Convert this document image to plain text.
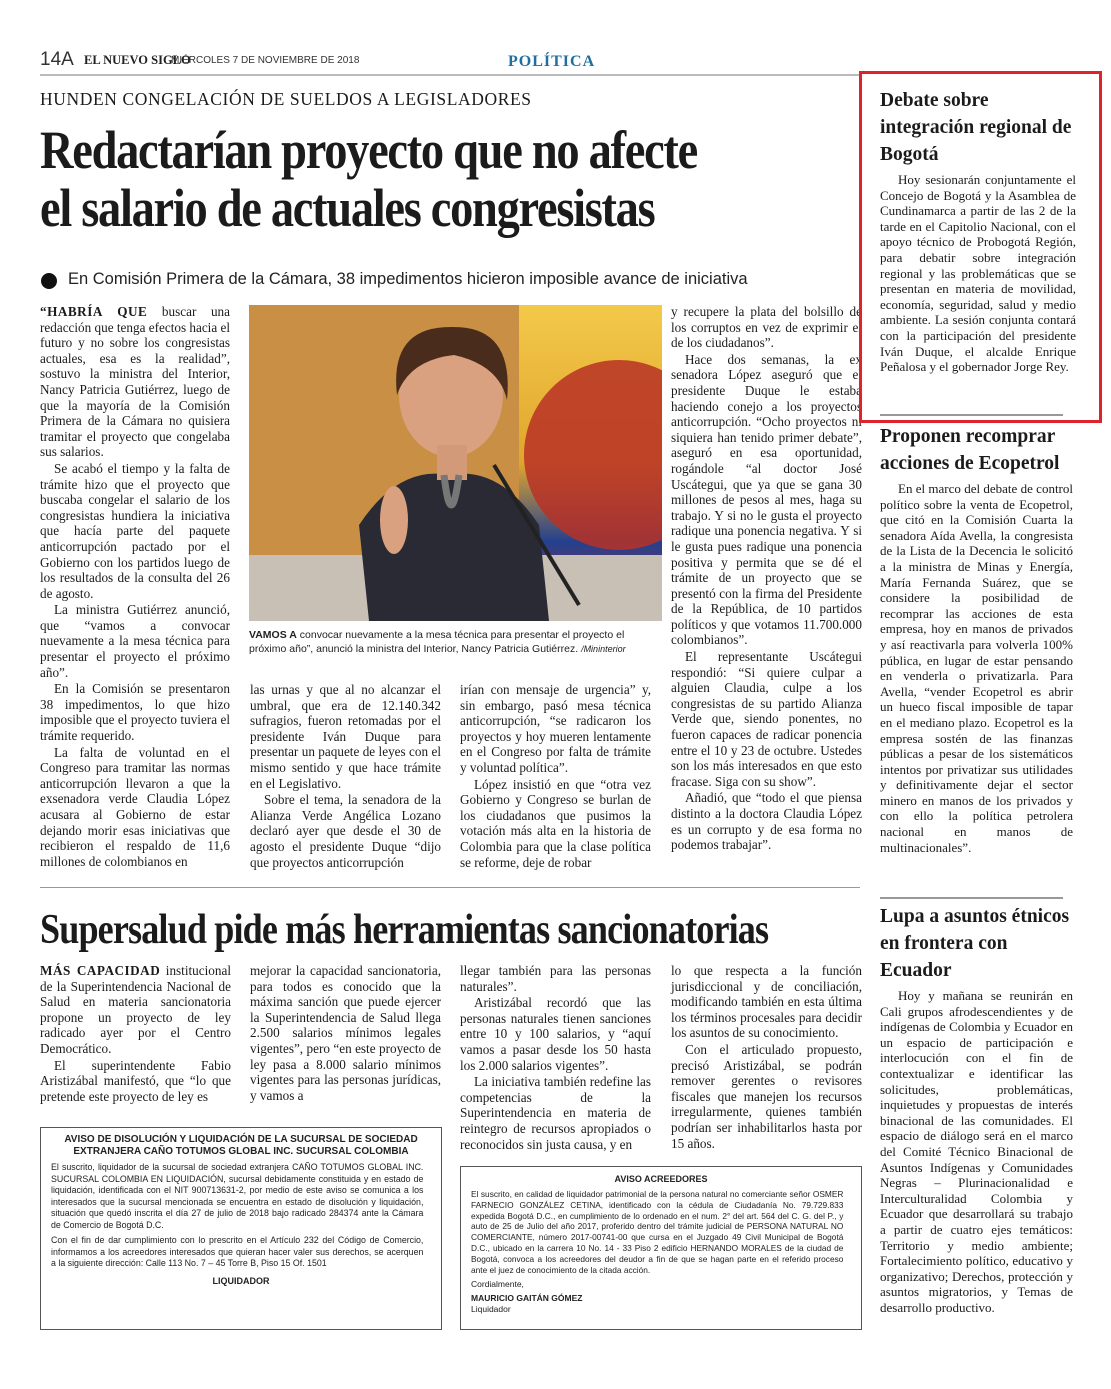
14A EL NUEVO SIGLO
MIÉRCOLES 7 DE NOVIEMBRE DE 2018	POLÍTICA
HUNDEN CONGELACIÓN DE SUELDOS A LEGISLADORES
Redactarían proyecto que no afecte
el salario de actuales congresistas
En Comisión Primera de la Cámara, 38 impedimentos hicieron imposible avance de iniciativa

“HABRÍA QUE buscar una redacción que tenga efectos hacia el futuro y no sobre los congresistas actuales, esa es la realidad”, sostuvo la ministra del Interior, Nancy Patricia Gutiérrez, luego de que la mayoría de la Comisión Primera de la Cámara no quisiera tramitar el proyecto que congelaba sus salarios.

Se acabó el tiempo y la falta de trámite hizo que el proyecto que buscaba congelar el salario de los congresistas hundiera la iniciativa que hacía parte del paquete anticorrupción pactado por el Gobierno con los partidos luego de los resultados de la consulta del 26 de agosto.

La ministra Gutiérrez anunció, que “vamos a convocar nuevamente a la mesa técnica para presentar el proyecto el próximo año”.

En la Comisión se presentaron 38 impedimentos, lo que hizo imposible que el proyecto tuviera el trámite requerido.

La falta de voluntad en el Congreso para tramitar las normas anticorrupción llevaron a que la exsenadora verde Claudia López acusara al Gobierno de estar dejando morir esas iniciativas que recibieron el respaldo de 11,6 millones de colombianos en

VAMOS A convocar nuevamente a la mesa técnica para presentar el proyecto el próximo año”, anunció la ministra del Interior, Nancy Patricia Gutiérrez. /Mininterior

las urnas y que al no alcanzar el umbral, que era de 12.140.342 sufragios, fueron retomadas por el presidente Iván Duque para presentar un paquete de leyes con el mismo sentido y que hace trámite en el Legislativo.

Sobre el tema, la senadora de la Alianza Verde Angélica Lozano declaró ayer que desde el 30 de agosto el presidente Duque “dijo que proyectos anticorrupción

irían con mensaje de urgencia” y, sin embargo, pasó mesa técnica anticorrupción, “se radicaron los proyectos y hoy mueren lentamente en el Congreso por falta de trámite y voluntad política”.

López insistió en que “otra vez Gobierno y Congreso se burlan de los ciudadanos que pusimos la votación más alta en la historia de Colombia para que la clase política se reforme, deje de robar

y recupere la plata del bolsillo de los corruptos en vez de exprimir el de los ciudadanos”.

Hace dos semanas, la ex senadora López aseguró que el presidente Duque le estaba haciendo conejo a los proyectos anticorrupción. “Ocho proyectos ni siquiera han tenido primer debate”, aseguró en esa oportunidad, rogándole “al doctor José Uscátegui, que ya que se gana 30 millones de pesos al mes, haga su trabajo. Y si no le gusta el proyecto radique una ponencia negativa. Y si le gusta pues radique una ponencia positiva y permita que se dé el trámite de un proyecto que se presentó con la firma del Presidente de la República, de 10 partidos políticos y que votamos 11.700.000 colombianos”.

El representante Uscátegui respondió: “Si quiere culpar a alguien Claudia, culpe a los congresistas de su partido Alianza Verde que, siendo ponentes, no fueron capaces de radicar ponencia entre el 10 y 23 de octubre. Ustedes son los más interesados en que esto fracase. Siga con su show”.

Añadió, que “todo el que piensa distinto a la doctora Claudia López es un corrupto y de esa forma no podemos trabajar”.

Debate sobre integración regional de Bogotá

Hoy sesionarán conjuntamente el Concejo de Bogotá y la Asamblea de Cundinamarca a partir de las 2 de la tarde en el Capitolio Nacional, con el apoyo técnico de Probogotá Región, para debatir sobre integración regional y las problemáticas que se presentan en materia de movilidad, economía, seguridad, salud y medio ambiente. La sesión conjunta contará con la participación del presidente Iván Duque, el alcalde Enrique Peñalosa y el gobernador Jorge Rey.

Proponen recomprar acciones de Ecopetrol

En el marco del debate de control político sobre la venta de Ecopetrol, que citó en la Comisión Cuarta la senadora Aída Avella, la congresista de la Lista de la Decencia le solicitó a la ministra de Minas y Energía, María Fernanda Suárez, que se considere la posibilidad de recomprar las acciones de esta empresa, hoy en manos de privados y así reactivarla para volverla 100% pública, en lugar de estar pensando en venderla o privatizarla. Para Avella, “vender Ecopetrol es abrir un hueco fiscal imposible de tapar en el mediano plazo. Ecopetrol es la empresa sostén de las finanzas públicas a pesar de los sistemáticos intentos por privatizar sus utilidades y definitivamente dejar el sector minero en manos de los privados y con ello la política petrolera nacional en manos de multinacionales”.

Lupa a asuntos étnicos en frontera con Ecuador

Hoy y mañana se reunirán en Cali grupos afrodescendientes y de indígenas de Colombia y Ecuador en un espacio de participación e interlocución con el fin de contextualizar e identificar las solicitudes, problemáticas, inquietudes y propuestas de interés binacional de las comunidades. El espacio de diálogo será en el marco del Comité Técnico Binacional de Asuntos Indígenas y Comunidades Negras – Plurinacionalidad e Interculturalidad Colombia y Ecuador que desarrollará su trabajo a partir de cuatro ejes temáticos: Territorio y medio ambiente; Fortalecimiento político, educativo y organizativo; Derechos, protección y asuntos migratorios, y Temas de desarrollo productivo.

Supersalud pide más herramientas sancionatorias

MÁS CAPACIDAD institucional de la Superintendencia Nacional de Salud en materia sancionatoria propone un proyecto de ley radicado ayer por el Centro Democrático.

El superintendente Fabio Aristizábal manifestó, que “lo que pretende este proyecto de ley es

mejorar la capacidad sancionatoria, para todos es conocido que la máxima sanción que puede ejercer la Superintendencia de Salud llega 2.500 salarios mínimos legales vigentes”, pero “en este proyecto de ley pasa a 8.000 salario mínimos vigentes para las personas jurídicas, y vamos a

llegar también para las personas naturales”.

Aristizábal recordó que las personas naturales tienen sanciones entre 10 y 100 salarios, y “aquí vamos a pasar desde los 50 hasta los 2.000 salarios vigentes”.

La iniciativa también redefine las competencias de la Superintendencia en materia de reintegro de recursos apropiados o reconocidos sin justa causa, y en

lo que respecta a la función jurisdiccional y de conciliación, modificando también en esta última los términos procesales para decidir los asuntos de su conocimiento.

Con el articulado propuesto, precisó Aristizábal, se podrán remover gerentes o revisores fiscales que manejen los recursos irregularmente, quienes también podrían ser inhabilitarlos hasta por 15 años.

AVISO DE DISOLUCIÓN Y LIQUIDACIÓN DE LA SUCURSAL DE SOCIEDAD EXTRANJERA CAÑO TOTUMOS GLOBAL INC. SUCURSAL COLOMBIA

El suscrito, liquidador de la sucursal de sociedad extranjera CAÑO TOTUMOS GLOBAL INC. SUCURSAL COLOMBIA EN LIQUIDACIÓN, sucursal debidamente constituida y en estado de liquidación, identificada con el NIT 900713631-2, por medio de este aviso se comunica a los interesados que la sucursal mencionada se encuentra en estado de disolución y liquidación, situación que quedó inscrita el día 27 de julio de 2018 bajo radicado 284374 ante la Cámara de Comercio de Bogotá D.C.

Con el fin de dar cumplimiento con lo prescrito en el Artículo 232 del Código de Comercio, informamos a los acreedores interesados que quieran hacer valer sus derechos, se acerquen a la siguiente dirección: Calle 113 No. 7 – 45 Torre B, Piso 15 Of. 1501

LIQUIDADOR
AVISO ACREEDORES

El suscrito, en calidad de liquidador patrimonial de la persona natural no comerciante señor OSMER FARNECIO GONZÁLEZ CETINA, identificado con la cédula de Ciudadanía No. 79.729.833 expedida Bogotá D.C., en cumplimiento de lo ordenado en el num. 2° del art. 564 del C. G. del P., y auto de 25 de Julio del año 2017, proferido dentro del trámite judicial de PERSONA NATURAL NO COMERCIANTE, número 2017-00741-00 que cursa en el Juzgado 49 Civil Municipal de Bogotá D.C., ubicado en la carrera 10 No. 14 - 33 Piso 2 edificio HERNANDO MORALES de la ciudad de Bogotá, convoca a los acreedores del deudor a fin de que se hagan parte en el referido proceso ante el juez de conocimiento de la citada acción.

Cordialmente,
MAURICIO GAITÁN GÓMEZ
Liquidador
